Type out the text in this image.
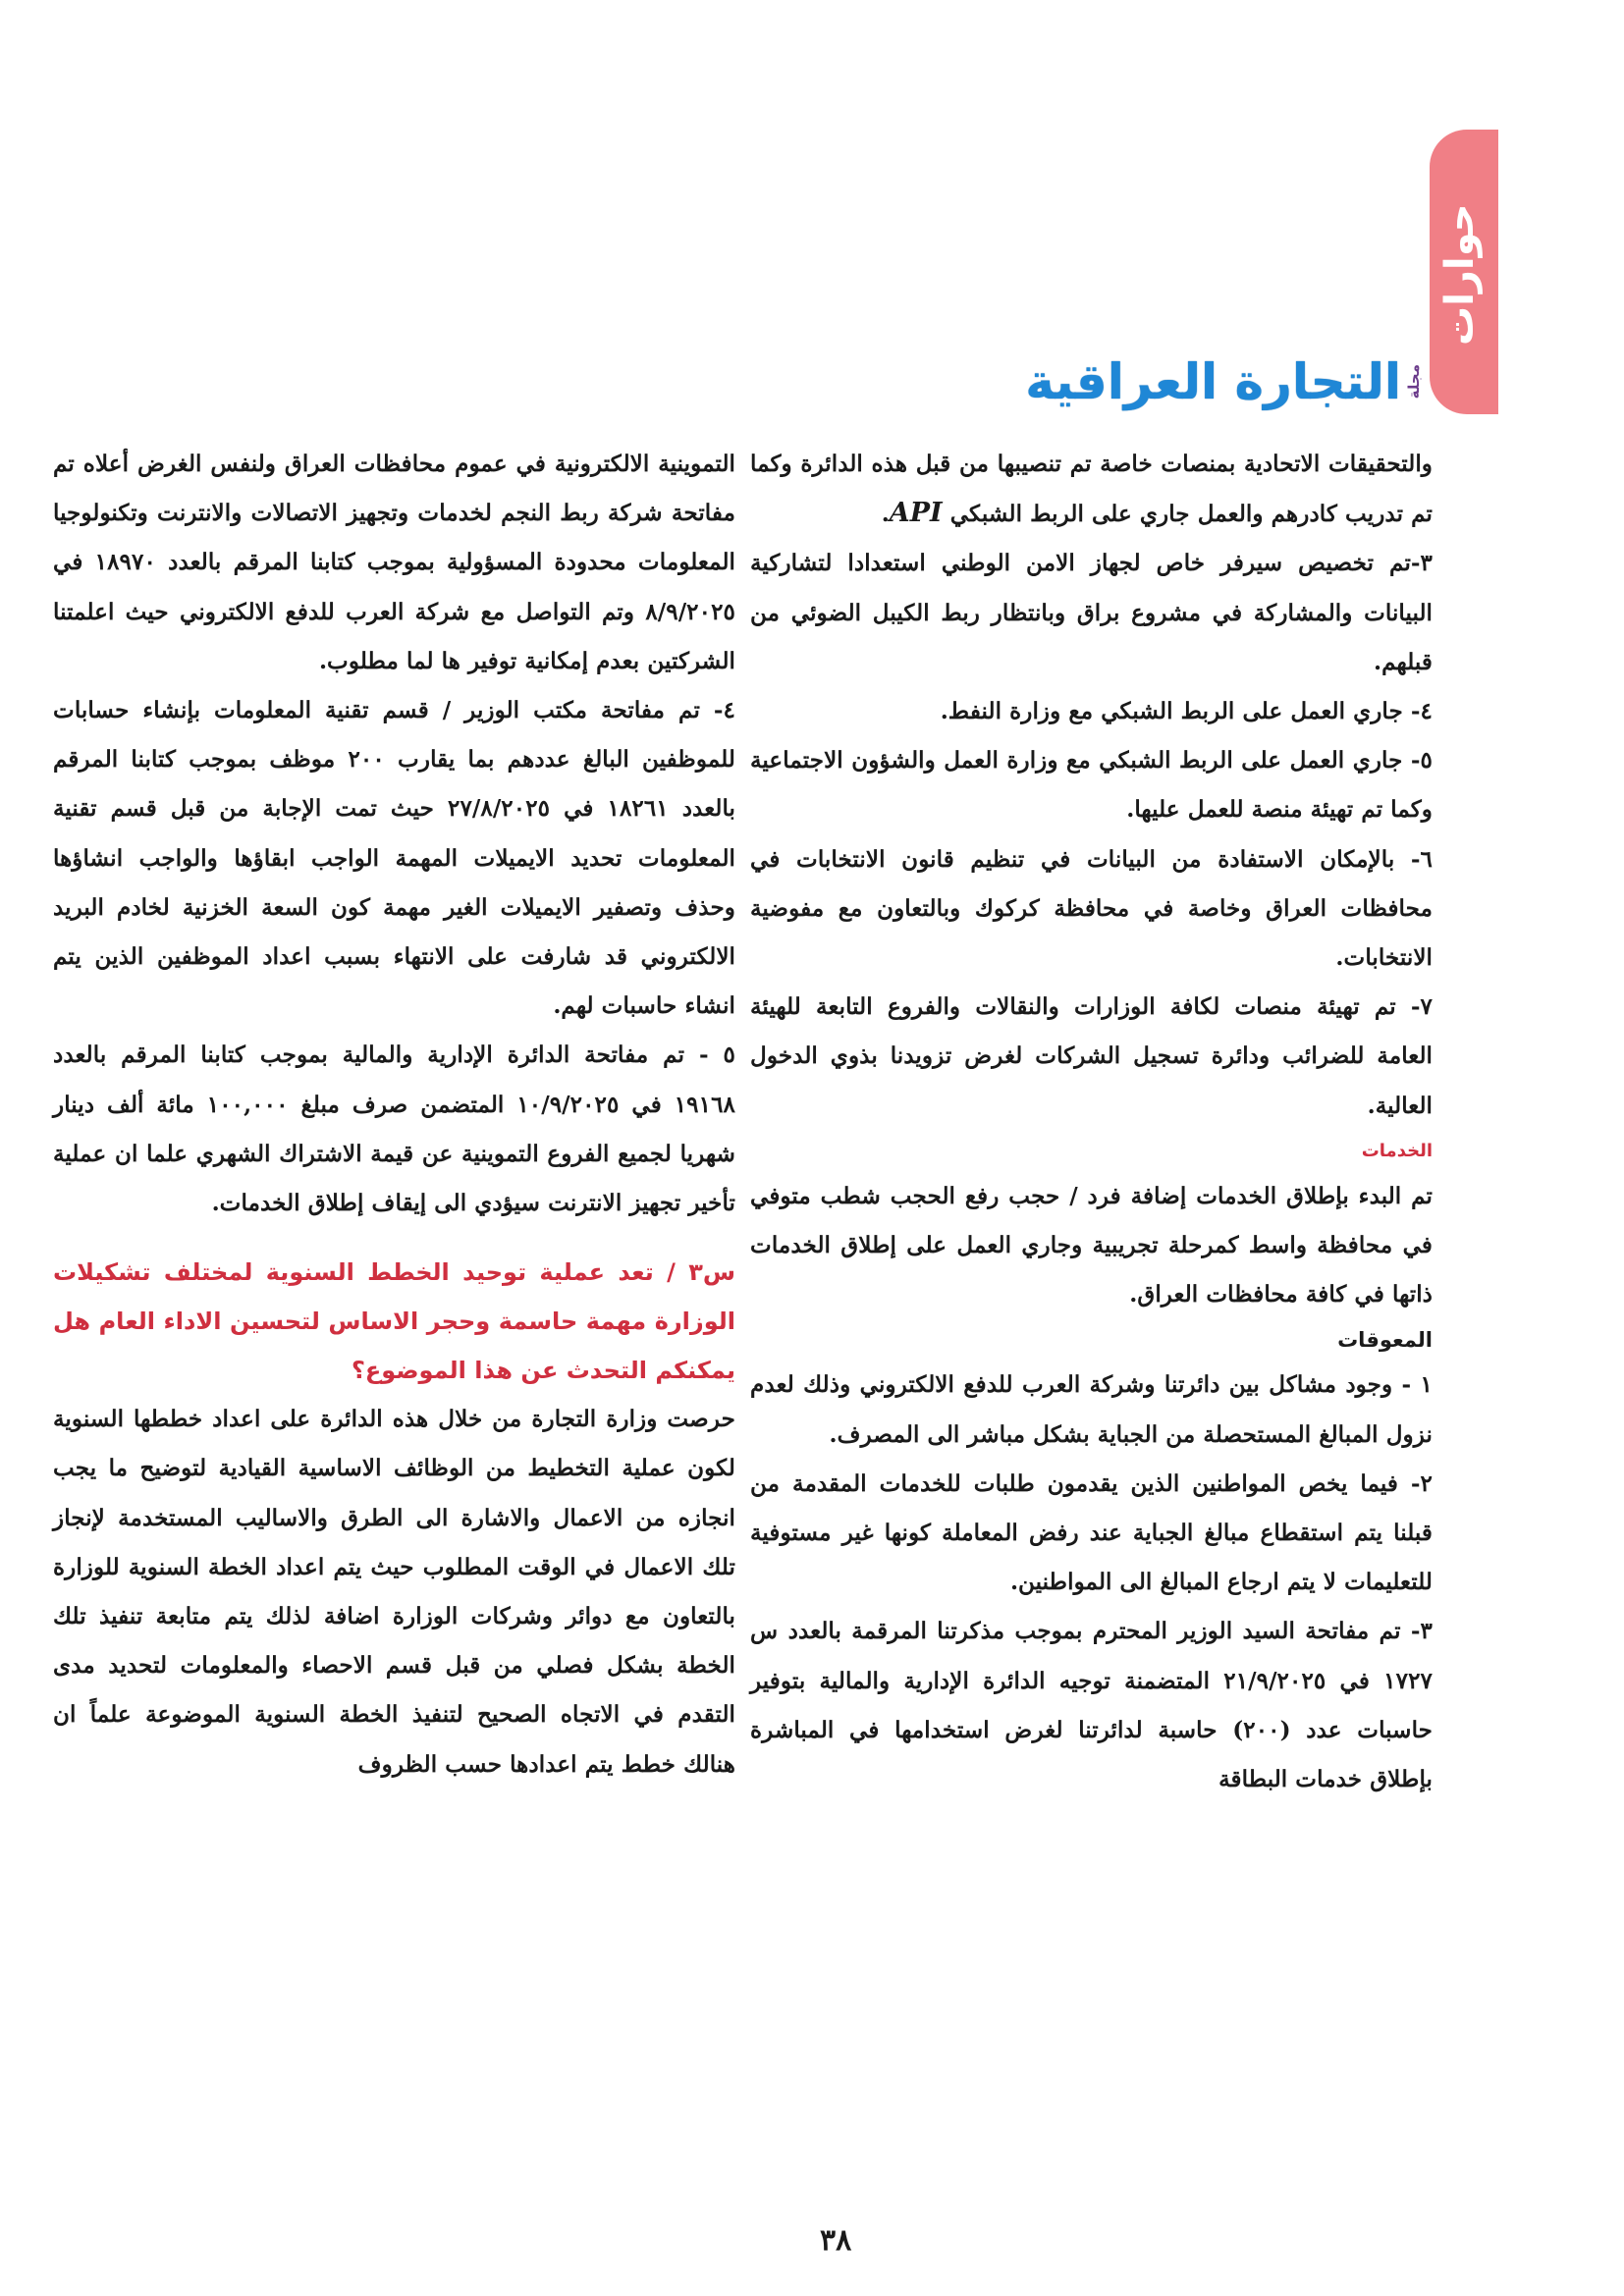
حوارات
مجلة
التجارة العراقية

والتحقيقات الاتحادية بمنصات خاصة تم تنصيبها من قبل هذه الدائرة وكما تم تدريب كادرهم والعمل جاري على الربط الشبكي API.

٣-تم تخصيص سيرفر خاص لجهاز الامن الوطني استعدادا لتشاركية البيانات والمشاركة في مشروع براق وبانتظار ربط الكيبل الضوئي من قبلهم.

٤- جاري العمل على الربط الشبكي مع وزارة النفط.

٥- جاري العمل على الربط الشبكي مع وزارة العمل والشؤون الاجتماعية وكما تم تهيئة منصة للعمل عليها.

٦- بالإمكان الاستفادة من البيانات في تنظيم قانون الانتخابات في محافظات العراق وخاصة في محافظة كركوك وبالتعاون مع مفوضية الانتخابات.

٧- تم تهيئة منصات لكافة الوزارات والنقالات والفروع التابعة للهيئة العامة للضرائب ودائرة تسجيل الشركات لغرض تزويدنا بذوي الدخول العالية.

الخدمات

تم البدء بإطلاق الخدمات إضافة فرد / حجب رفع الحجب شطب متوفي في محافظة واسط كمرحلة تجريبية وجاري العمل على إطلاق الخدمات ذاتها في كافة محافظات العراق.

المعوقات

١ - وجود مشاكل بين دائرتنا وشركة العرب للدفع الالكتروني وذلك لعدم نزول المبالغ المستحصلة من الجباية بشكل مباشر الى المصرف.

٢- فيما يخص المواطنين الذين يقدمون طلبات للخدمات المقدمة من قبلنا يتم استقطاع مبالغ الجباية عند رفض المعاملة كونها غير مستوفية للتعليمات لا يتم ارجاع المبالغ الى المواطنين.

٣- تم مفاتحة السيد الوزير المحترم بموجب مذكرتنا المرقمة بالعدد س ١٧٢٧ في ٢١/٩/٢٠٢٥ المتضمنة توجيه الدائرة الإدارية والمالية بتوفير حاسبات عدد (٢٠٠) حاسبة لدائرتنا لغرض استخدامها في المباشرة بإطلاق خدمات البطاقة

التموينية الالكترونية في عموم محافظات العراق ولنفس الغرض أعلاه تم مفاتحة شركة ربط النجم لخدمات وتجهيز الاتصالات والانترنت وتكنولوجيا المعلومات محدودة المسؤولية بموجب كتابنا المرقم بالعدد ١٨٩٧٠ في ٨/٩/٢٠٢٥ وتم التواصل مع شركة العرب للدفع الالكتروني حيث اعلمتنا الشركتين بعدم إمكانية توفير ها لما مطلوب.

٤- تم مفاتحة مكتب الوزير / قسم تقنية المعلومات بإنشاء حسابات للموظفين البالغ عددهم بما يقارب ٢٠٠ موظف بموجب كتابنا المرقم بالعدد ١٨٢٦١ في ٢٧/٨/٢٠٢٥ حيث تمت الإجابة من قبل قسم تقنية المعلومات تحديد الايميلات المهمة الواجب ابقاؤها والواجب انشاؤها وحذف وتصفير الايميلات الغير مهمة كون السعة الخزنية لخادم البريد الالكتروني قد شارفت على الانتهاء بسبب اعداد الموظفين الذين يتم انشاء حاسبات لهم.

٥ - تم مفاتحة الدائرة الإدارية والمالية بموجب كتابنا المرقم بالعدد ١٩١٦٨ في ١٠/٩/٢٠٢٥ المتضمن صرف مبلغ ١٠٠,٠٠٠ مائة ألف دينار شهريا لجميع الفروع التموينية عن قيمة الاشتراك الشهري علما ان عملية تأخير تجهيز الانترنت سيؤدي الى إيقاف إطلاق الخدمات.

س٣ / تعد عملية توحيد الخطط السنوية لمختلف تشكيلات الوزارة مهمة حاسمة وحجر الاساس لتحسين الاداء العام هل يمكنكم التحدث عن هذا الموضوع؟

حرصت وزارة التجارة من خلال هذه الدائرة على اعداد خططها السنوية لكون عملية التخطيط من الوظائف الاساسية القيادية لتوضيح ما يجب انجازه من الاعمال والاشارة الى الطرق والاساليب المستخدمة لإنجاز تلك الاعمال في الوقت المطلوب حيث يتم اعداد الخطة السنوية للوزارة بالتعاون مع دوائر وشركات الوزارة اضافة لذلك يتم متابعة تنفيذ تلك الخطة بشكل فصلي من قبل قسم الاحصاء والمعلومات لتحديد مدى التقدم في الاتجاه الصحيح لتنفيذ الخطة السنوية الموضوعة علماً ان هنالك خطط يتم اعدادها حسب الظروف

٣٨
